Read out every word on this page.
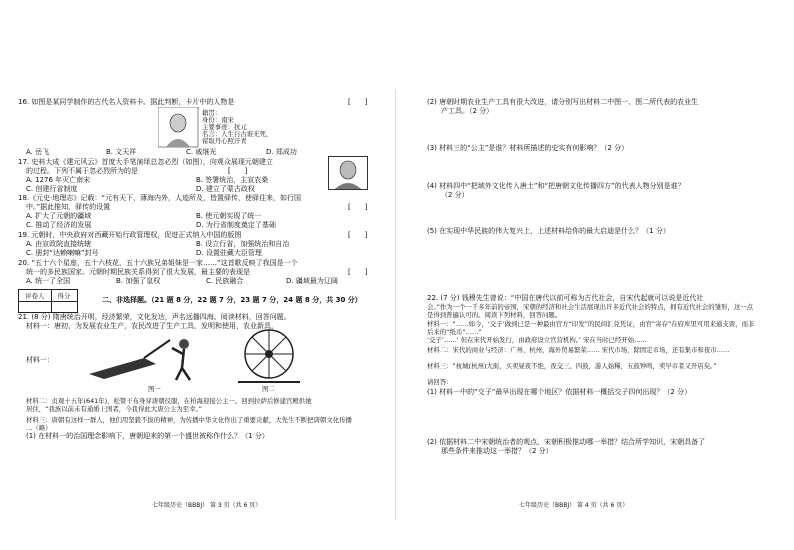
16. 如图是某同学制作的古代名人资料卡。据此判断，卡片中的人物是	[　　]
籍贯：
身份：南宋
主要事迹：抗元
名言：人生自古谁无死，
留取丹心照汗青
A. 岳飞	B. 文天祥	C. 戚继光	D. 郑成功
17. 史料大成《建元风云》首度大手笔演绎总忽必烈（如图），向观众展现元朝建立
的过程。下列不属于忽必烈所为的是	[　　]
A. 1276 年灭亡南宋	B. 签署统治，主宣农桑
C. 创建行省制度	D. 建立了蒙古政权
18.《元史·地理志》记载：“元有天下，薄海内外，人迹所及，皆置驿传，使驿往来，如行国
中。”据此推知，驿传的设置	[　　]
A. 扩大了元朝的疆域	B. 使元朝实现了统一
C. 推动了经济的发展	D. 为行省制度奠定了基础
19. 元朝时，中央政府对西藏开始行政管理权，促进正式纳入中国的版图	[　　]
A. 由宣政院直接统辖	B. 设立行省，加强统治和自治
C. 册封“达赖喇嘛”封号	D. 设置驻藏大臣管理
20. “五十六个星座，五十六枝花，五十六族兄弟姐妹是一家……”这首歌反映了我国是一个
统一的多民族国家。元朝时期民族关系得到了很大发展，最主要的表现是	[　　]
A. 统一了全国	B. 加强了皇权	C. 民族融合	D. 疆域最为辽阔
评卷人	得分
		二、非选择题。（21 题 8 分，22 题 7 分，23 题 7 分，24 题 8 分，共 30 分）
21. (8 分) 隋唐统治开明，经济繁荣，文化发达，声名远播四海。阅读材料，回答问题。
材料一：唐初，为发展农业生产，农民改进了生产工具，发明和使用，农业新具，
材料一：
图一	图二
材料二：贞观十五年(641年)，松赞干布身穿唐朝仪服，在柏海迎接公主一。回到拉萨后修建宫殿供她
居住，“我族以前未有通婚上国者，今我得此大唐公主为至幸。”
材料三：唐朝有这样一群人，他们用坚毅不拔的精神，为传播中华文化作出了重要贡献，大先生不断把唐朝文化传播
…（略）
(1) 在材料一的治国理念影响下，唐朝迎来的第一个盛世被称作什么？（1 分）
七年级历史（BBBJ） 第 3 页（共 6 页）
(2) 唐朝时期农业生产工具有很大改进，请分别写出材料二中图一、图二所代表的农业生
产工具。（2 分）
(3) 材料三的“公主”是谁？材料所描述的史实有何影响？（2 分）
(4) 材料四中“把域外文化传入唐土”和“把唐朝文化传播四方”的代表人物分别是谁？
（2 分）
(5) 在实现中华民族的伟大复兴上，上述材料给你的最大启迪是什么？（1 分）
22. (7 分) 钱穆先生曾说：“中国在唐代以前可称为古代社会，自宋代起就可以说是近代社
会。”作为一个一千多年前的帝国，宋朝的经济和社会生活展现出许多近代社会的特点，拥有近代社会的雏形，这一点是得到普遍认可的。阅读下列材料，回答问题。
材料一：“……如今，‘交子’做到已是一种最由官方“印发”的民间汇兑凭证，由官“寄存”在府库里可用来通支票，而非后来的“纸币”……”
‘交子’……‘ 但在宋代开始发行，由政府设立官营机构。’ 宋在当时已经开始……
材料二：宋代的商业与经济：广州、杭州，海外贸易繁荣…… 宋代市场，除固定市场，还有集市和夜市……
材料三：“杭城(杭州)大街，买卖昼夜不绝，夜交三、四鼓，游人始稀，五鼓钟鸣，卖早市者又开店矣。”
请回答：
(1) 材料一中的“交子”最早出现在哪个地区？依据材料一概括交子四何出现？（2 分）
(2) 依据材料二中宋朝统治者的观点，宋朝积极推动哪一举措？结合所学知识，宋朝具备了
那些条件来推动这一举措？（2 分）
七年级历史（BBBJ） 第 4 页（共 6 页）
